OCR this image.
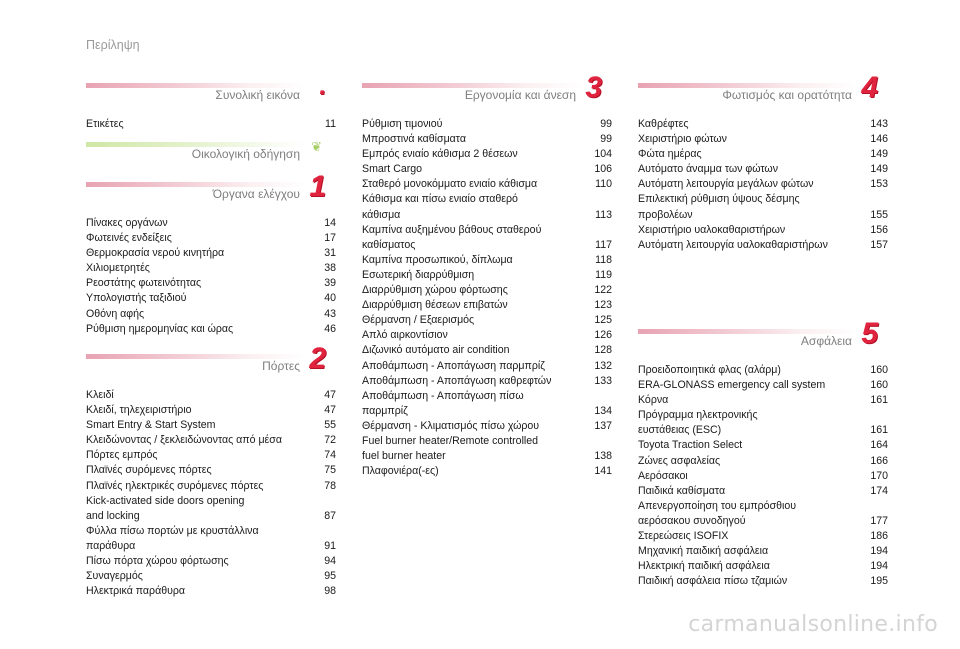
Περίληψη
Συνολική εικόνα .
Ετικέτες	11
Οικολογική οδήγηση ❦
Όργανα ελέγχου 1
Πίνακες οργάνων	14
Φωτεινές ενδείξεις	17
Θερμοκρασία νερού κινητήρα	31
Χιλιομετρητές	38
Ρεοστάτης φωτεινότητας	39
Υπολογιστής ταξιδιού	40
Οθόνη αφής	43
Ρύθμιση ημερομηνίας και ώρας	46
Πόρτες 2
Κλειδί	47
Κλειδί, τηλεχειριστήριο	47
Smart Entry & Start System	55
Κλειδώνοντας / ξεκλειδώνοντας από μέσα	72
Πόρτες εμπρός	74
Πλαϊνές συρόμενες πόρτες	75
Πλαϊνές ηλεκτρικές συρόμενες πόρτες	78
Kick-activated side doors opening
and locking	87
Φύλλα πίσω πορτών με κρυστάλλινα
παράθυρα	91
Πίσω πόρτα χώρου φόρτωσης	94
Συναγερμός	95
Ηλεκτρικά παράθυρα	98
Εργονομία και άνεση 3
Ρύθμιση τιμονιού	99
Μπροστινά καθίσματα	99
Εμπρός ενιαίο κάθισμα 2 θέσεων	104
Smart Cargo	106
Σταθερό μονοκόμματο ενιαίο κάθισμα	110
Κάθισμα και πίσω ενιαίο σταθερό
κάθισμα	113
Καμπίνα αυξημένου βάθους σταθερού
καθίσματος	117
Καμπίνα προσωπικού, δίπλωμα	118
Εσωτερική διαρρύθμιση	119
Διαρρύθμιση χώρου φόρτωσης	122
Διαρρύθμιση θέσεων επιβατών	123
Θέρμανση / Εξαερισμός	125
Απλό αιρκοντίσιον	126
Διζωνικό αυτόματο air condition	128
Αποθάμπωση - Αποπάγωση παρμπρίζ	132
Αποθάμπωση - Αποπάγωση καθρεφτών	133
Αποθάμπωση - Αποπάγωση πίσω
παρμπρίζ	134
Θέρμανση - Κλιματισμός πίσω χώρου	137
Fuel burner heater/Remote controlled
fuel burner heater	138
Πλαφονιέρα(-ες)	141
Φωτισμός και ορατότητα 4
Καθρέφτες	143
Χειριστήριο φώτων	146
Φώτα ημέρας	149
Αυτόματο άναμμα των φώτων	149
Αυτόματη λειτουργία μεγάλων φώτων	153
Επιλεκτική ρύθμιση ύψους δέσμης
προβολέων	155
Χειριστήριο υαλοκαθαριστήρων	156
Αυτόματη λειτουργία υαλοκαθαριστήρων	157
Ασφάλεια 5
Προειδοποιητικά φλας (αλάρμ)	160
ERA-GLONASS emergency call system	160
Κόρνα	161
Πρόγραμμα ηλεκτρονικής
ευστάθειας (ESC)	161
Toyota Traction Select	164
Ζώνες ασφαλείας	166
Αερόσακοι	170
Παιδικά καθίσματα	174
Απενεργοποίηση του εμπρόσθιου
αερόσακου συνοδηγού	177
Στερεώσεις ISOFIX	186
Μηχανική παιδική ασφάλεια	194
Ηλεκτρική παιδική ασφάλεια	194
Παιδική ασφάλεια πίσω τζαμιών	195
carmanualsonline.info
